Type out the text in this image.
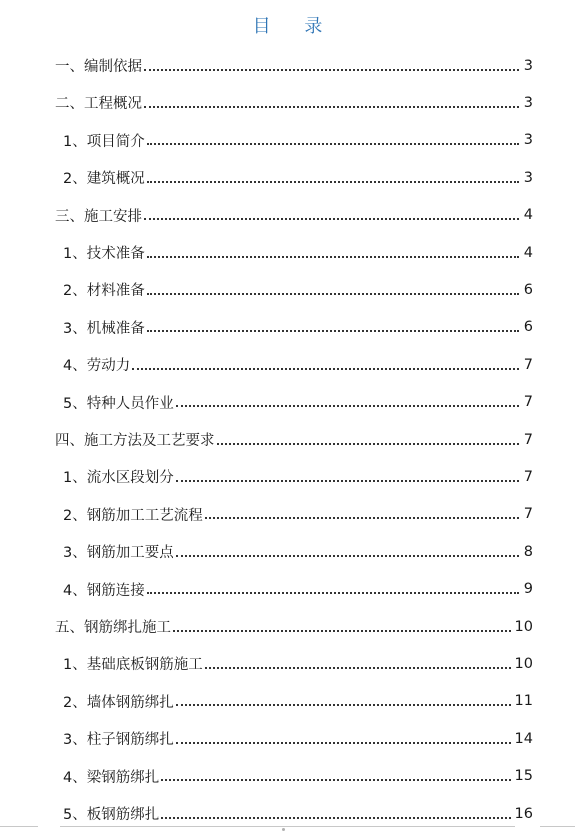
目 录
一、编制依据	3
二、工程概况	3
1、项目简介	3
2、建筑概况	3
三、施工安排	4
1、技术准备	4
2、材料准备	6
3、机械准备	6
4、劳动力	7
5、特种人员作业	7
四、施工方法及工艺要求	7
1、流水区段划分	7
2、钢筋加工工艺流程	7
3、钢筋加工要点	8
4、钢筋连接	9
五、钢筋绑扎施工	10
1、基础底板钢筋施工	10
2、墙体钢筋绑扎	11
3、柱子钢筋绑扎	14
4、梁钢筋绑扎	15
5、板钢筋绑扎	16
